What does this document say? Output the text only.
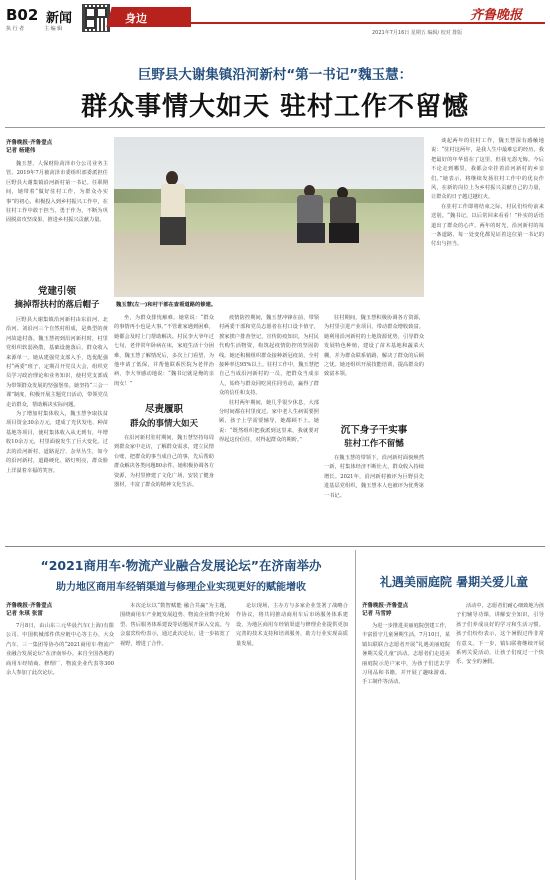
B02 新闻
执 行 者	主 编 辑
身边	齐鲁晚报
2021年7月16日 星期五 编辑/ 校对 排版
巨野县大谢集镇沿河新村“第一书记”魏玉慧：
群众事情大如天 驻村工作不留憾
齐鲁晚报·齐鲁壹点
记者 杨建伟

魏玉慧，人保财险菏泽市分公司业务主管。2019年7月被菏泽市委组织部委派担任巨野县大谢集镇沿河新村第一书记。任职期间，她带着“做好驻村工作，为群众办实事”的初心，积极投入到乡村振兴工作中，在驻村工作中敢于担当、勇于作为，不断为巩固脱贫攻坚成果、推进乡村振兴贡献力量。

党建引领
摘掉帮扶村的落后帽子

巨野县大谢集镇沿河新村由东沿河、北沿河、刘沿河三个自然村组成，是典型的黄河故道村落。魏玉慧初到沿河新村时，村里党组织软弱涣散，基础设施落后，群众收入来源单一。她从建强党支部入手，选优配强村“两委”班子，定期召开党员大会，组织党员学习政治理论和业务知识，使村党支部成为带领群众发展的坚强堡垒。她坚持“三会一课”制度，积极开展主题党日活动，带领党员走访群众，帮助解决实际问题。

为了增加村集体收入，魏玉慧争取扶贫项目资金30余万元，建成了光伏发电、种苗基地等项目，使村集体收入从无到有，年增收10余万元，村里面貌发生了巨大变化。过去的沿河新村，道路泥泞、杂草丛生，如今的沿河新村，道路硬化、路灯明亮，群众脸上洋溢着幸福的笑容。

魏玉慧(左一)和村干部在查看道路的修建。

坐，为群众排忧解难。她常说：“群众的事情再小也是大事。”不管谁家遇到困难，她都会及时上门帮助解决。村民李大爷年过七旬，老伴常年卧病在床，家庭生活十分困难，魏玉慧了解情况后，多次上门看望，为他申请了低保，并帮他联系医院为老伴治病，李大爷感动地说：“魏书记就是俺的亲闺女！”

尽责履职
群众的事情大如天

在沿河新村驻村期间，魏玉慧坚持每周到群众家中走访，了解群众需求，建立民情台账，把群众的事当成自己的事，先后帮助群众解决各类问题80余件。她积极协调各方资源，为村里修建了文化广场，安装了健身器材，丰富了群众的精神文化生活。

疫情防控期间，魏玉慧冲锋在前，带领村两委干部和党员志愿者在村口设卡值守，挨家挨户排查登记，宣传防疫知识，为村民代购生活物资，构筑起疫情防控的坚固防线。她还积极组织群众接种新冠疫苗，全村接种率达95%以上。驻村工作中，魏玉慧把自己当成沿河新村的一员，把群众当成亲人，始终与群众同吃同住同劳动，赢得了群众的信任和支持。

驻村两年期间，她几乎很少休息，大部分时间都在村里度过。家中老人生病需要照顾，孩子上学需要辅导，她都顾不上。她说：“既然组织把我派到这里来，我就要对得起这份信任，对得起群众的期盼。”

驻村期间，魏玉慧积极协调各方资源，为村里引进产业项目，带动群众增收致富。她利用沿河新村的土地资源优势，引导群众发展特色种植，建设了苗木基地和蔬菜大棚，并为群众联系销路，解决了群众的后顾之忧。她还组织开展技能培训，提高群众的致富本领。

沉下身子干实事
驻村工作不留憾

在魏玉慧的带领下，沿河新村面貌焕然一新，村集体经济不断壮大，群众收入持续增长。2021年，沿河新村被评为巨野县先进基层党组织，魏玉慧本人也被评为优秀第一书记。

谈起两年的驻村工作，魏玉慧深有感触地说：“驻村这两年，是我人生中最难忘的经历。我把最好的年华留在了这里，但我无怨无悔。今后不论走到哪里，我都会牵挂着沿河新村的乡亲们。”她表示，将继续发扬驻村工作中的优良作风，在新的岗位上为乡村振兴贡献自己的力量，让群众的日子越过越红火。

在驻村工作即将结束之际，村民们纷纷前来送别。“魏书记，以后常回来看看！”朴实的话语道出了群众的心声。两年的时光，沿河新村的每一条道路、每一处变化都见证着这位第一书记的付出与担当。

“2021商用车·物流产业融合发展论坛”在济南举办
助力地区商用车经销渠道与修理企业实现更好的赋能增收
齐鲁晚报·齐鲁壹点
记者 朱琪 张雷

7月8日，由山东三元华晨汽车(上海)有限公司、中国机械部件供应链中心等主办，大众汽车、三一集团等协办的“2021商用车·物流产业融合发展论坛”在济南举办。来自全国各地的商用车经销商、修理厂、物流企业代表等300余人参加了此次论坛。

本次论坛以“数智赋能 融合共赢”为主题，围绕商用车产业链发展趋势、物流企业数字化转型、售后服务体系建设等话题展开深入交流。与会嘉宾纷纷表示，通过此次论坛，进一步拓宽了视野，增进了合作。

论坛现场，主办方与多家企业签署了战略合作协议，将共同推动商用车后市场服务体系建设，为地区商用车经销渠道与修理企业提供更加完善的技术支持和培训服务，助力行业实现高质量发展。

礼遇美丽庭院 暑期关爱儿童
齐鲁晚报·齐鲁壹点
记者 马雪婷

为进一步推进美丽庭院创建工作，丰富留守儿童暑期生活，7月10日，某镇妇联联合志愿者开展“礼遇美丽庭院 暑期关爱儿童”活动。志愿者们走进美丽庭院示范户家中，为孩子们送去学习用品和书籍，并开展了趣味游戏、手工制作等活动。

活动中，志愿者们耐心细致地为孩子们辅导功课，讲解安全知识，引导孩子们养成良好的学习和生活习惯。孩子们纷纷表示，这个暑假过得非常有意义。下一步，镇妇联将继续开展系列关爱活动，让孩子们度过一个快乐、安全的暑假。
